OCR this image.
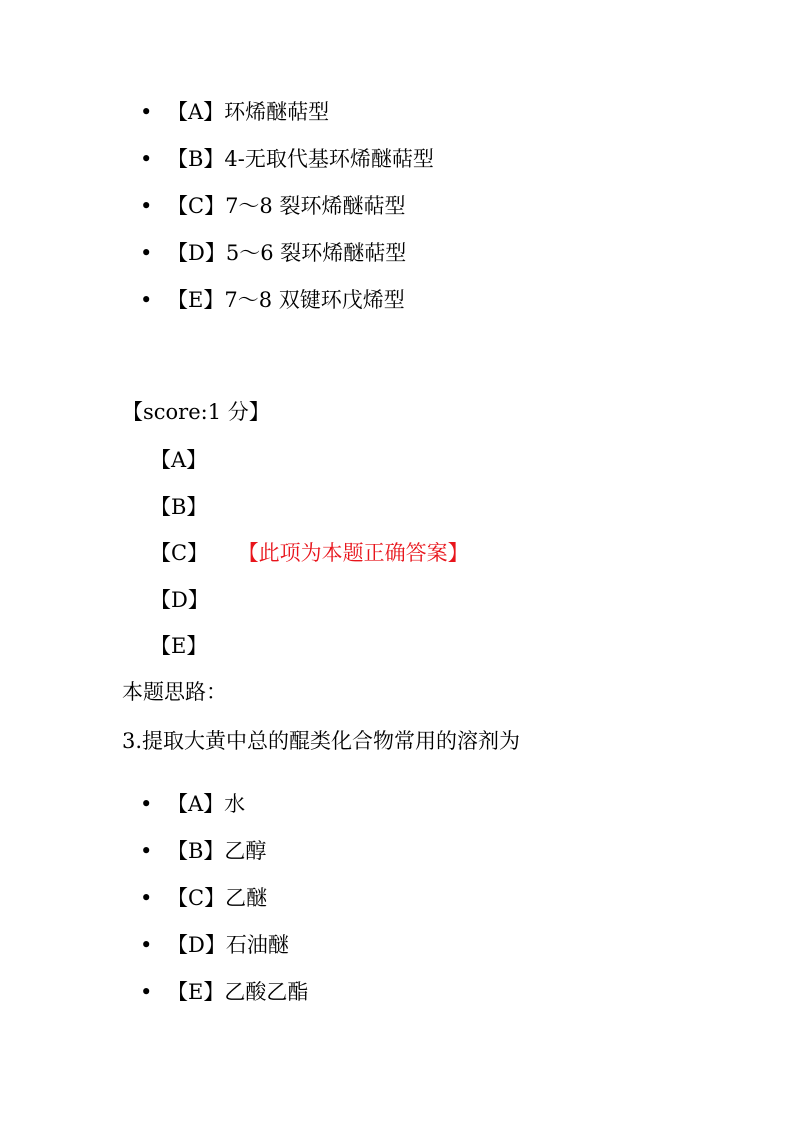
• 【A】环烯醚萜型
• 【B】4-无取代基环烯醚萜型
• 【C】7～8 裂环烯醚萜型
• 【D】5～6 裂环烯醚萜型
• 【E】7～8 双键环戊烯型
【score:1 分】
【A】
【B】
【C】 【此项为本题正确答案】
【D】
【E】
本题思路：
3.提取大黄中总的醌类化合物常用的溶剂为
• 【A】水
• 【B】乙醇
• 【C】乙醚
• 【D】石油醚
• 【E】乙酸乙酯
